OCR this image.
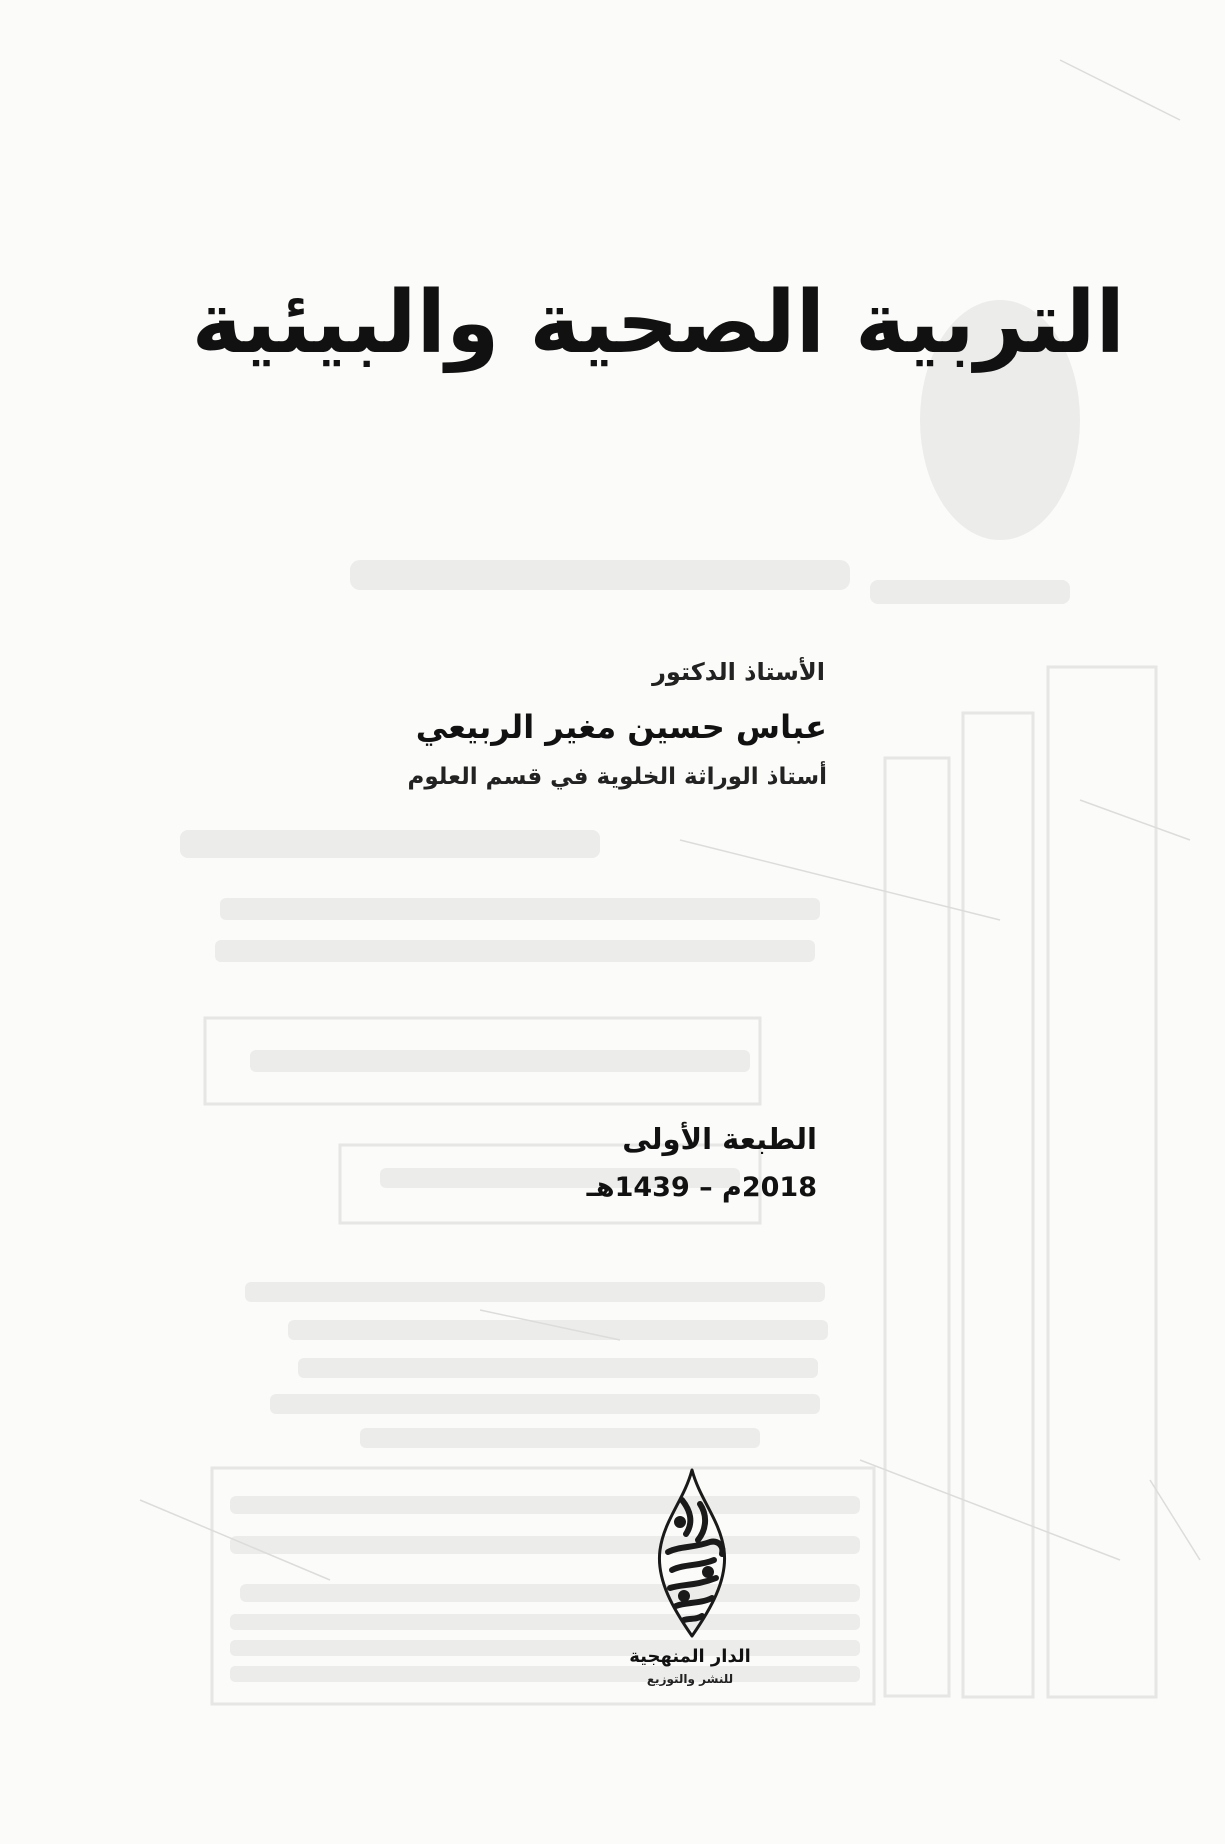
التربية الصحية والبيئية
الأستاذ الدكتور
عباس حسين مغير الربيعي
أستاذ الوراثة الخلوية في قسم العلوم
الطبعة الأولى
2018م – 1439هـ
الدار المنهجية
للنشر والتوزيع
